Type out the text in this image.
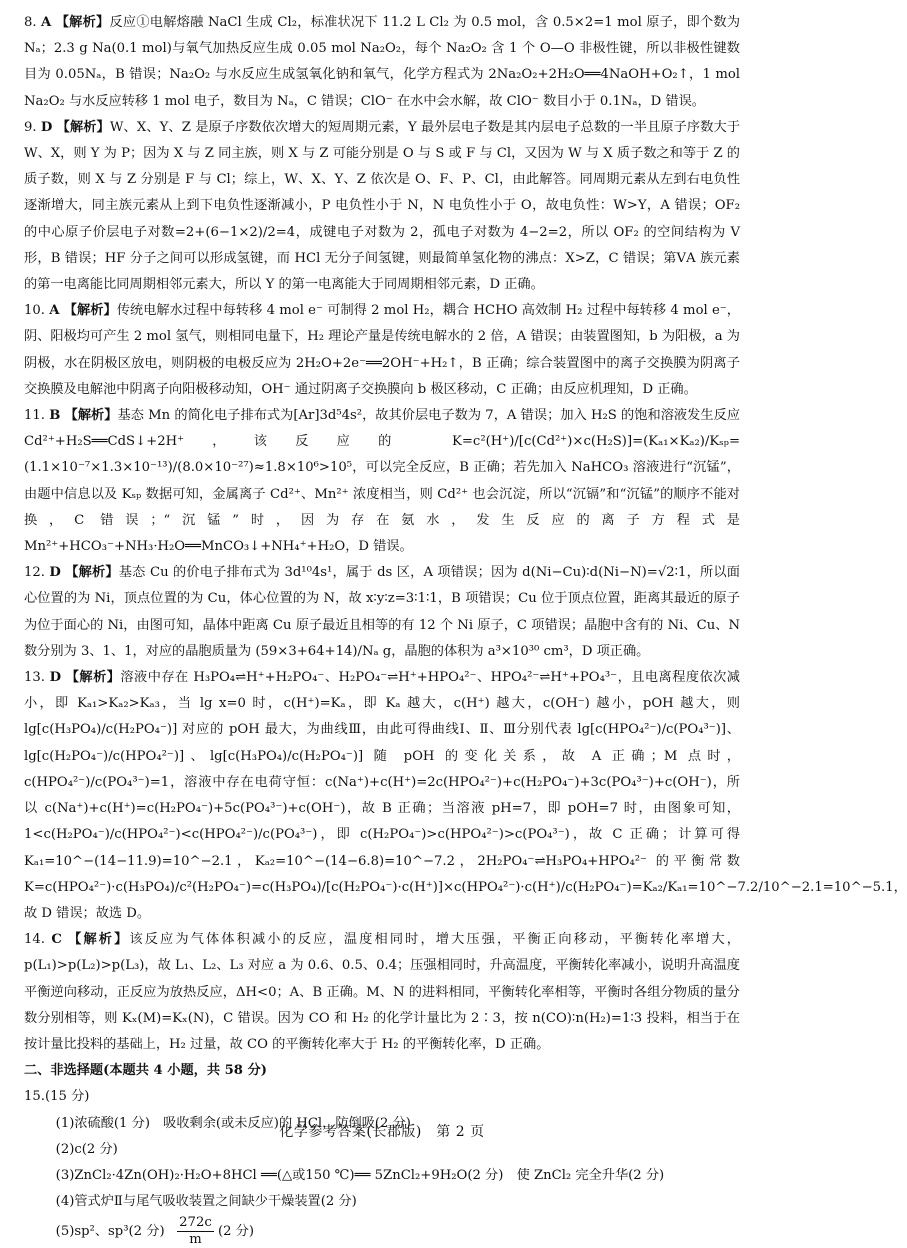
8. A 【解析】反应①电解熔融 NaCl 生成 Cl₂，标准状况下 11.2 L Cl₂ 为 0.5 mol，含 0.5×2=1 mol 原子，即个数为 Nₐ；2.3 g Na(0.1 mol)与氧气加热反应生成 0.05 mol Na₂O₂，每个 Na₂O₂ 含 1 个 O—O 非极性键，所以非极性键数目为 0.05Nₐ，B 错误；Na₂O₂ 与水反应生成氢氧化钠和氧气，化学方程式为 2Na₂O₂+2H₂O══4NaOH+O₂↑，1 mol Na₂O₂ 与水反应转移 1 mol 电子，数目为 Nₐ，C 错误；ClO⁻ 在水中会水解，故 ClO⁻ 数目小于 0.1Nₐ，D 错误。
9. D 【解析】W、X、Y、Z 是原子序数依次增大的短周期元素，Y 最外层电子数是其内层电子总数的一半且原子序数大于 W、X，则 Y 为 P；因为 X 与 Z 同主族，则 X 与 Z 可能分别是 O 与 S 或 F 与 Cl，又因为 W 与 X 质子数之和等于 Z 的质子数，则 X 与 Z 分别是 F 与 Cl；综上，W、X、Y、Z 依次是 O、F、P、Cl，由此解答。同周期元素从左到右电负性逐渐增大，同主族元素从上到下电负性逐渐减小，P 电负性小于 N，N 电负性小于 O，故电负性：W>Y，A 错误；OF₂ 的中心原子价层电子对数=2+(6−1×2)/2=4，成键电子对数为 2，孤电子对数为 4−2=2，所以 OF₂ 的空间结构为 V 形，B 错误；HF 分子之间可以形成氢键，而 HCl 无分子间氢键，则最简单氢化物的沸点：X>Z，C 错误；第ⅤA 族元素的第一电离能比同周期相邻元素大，所以 Y 的第一电离能大于同周期相邻元素，D 正确。
10. A 【解析】传统电解水过程中每转移 4 mol e⁻ 可制得 2 mol H₂，耦合 HCHO 高效制 H₂ 过程中每转移 4 mol e⁻，阴、阳极均可产生 2 mol 氢气，则相同电量下，H₂ 理论产量是传统电解水的 2 倍，A 错误；由装置图知，b 为阳极，a 为阴极，水在阴极区放电，则阴极的电极反应为 2H₂O+2e⁻══2OH⁻+H₂↑，B 正确；综合装置图中的离子交换膜为阴离子交换膜及电解池中阴离子向阳极移动知，OH⁻ 通过阴离子交换膜向 b 极区移动，C 正确；由反应机理知，D 正确。
11. B 【解析】基态 Mn 的简化电子排布式为[Ar]3d⁵4s²，故其价层电子数为 7，A 错误；加入 H₂S 的饱和溶液发生反应 Cd²⁺+H₂S══CdS↓+2H⁺，该反应的 K=c²(H⁺)/[c(Cd²⁺)×c(H₂S)]=(Kₐ₁×Kₐ₂)/Kₛₚ=(1.1×10⁻⁷×1.3×10⁻¹³)/(8.0×10⁻²⁷)≈1.8×10⁶>10⁵，可以完全反应，B 正确；若先加入 NaHCO₃ 溶液进行“沉锰”，由题中信息以及 Kₛₚ 数据可知，金属离子 Cd²⁺、Mn²⁺ 浓度相当，则 Cd²⁺ 也会沉淀，所以“沉镉”和“沉锰”的顺序不能对换，C 错误；“沉锰”时，因为存在氨水，发生反应的离子方程式是 Mn²⁺+HCO₃⁻+NH₃·H₂O══MnCO₃↓+NH₄⁺+H₂O，D 错误。
12. D 【解析】基态 Cu 的价电子排布式为 3d¹⁰4s¹，属于 ds 区，A 项错误；因为 d(Ni−Cu)∶d(Ni−N)=√2∶1，所以面心位置的为 Ni，顶点位置的为 Cu，体心位置的为 N，故 x∶y∶z=3∶1∶1，B 项错误；Cu 位于顶点位置，距离其最近的原子为位于面心的 Ni，由图可知，晶体中距离 Cu 原子最近且相等的有 12 个 Ni 原子，C 项错误；晶胞中含有的 Ni、Cu、N 数分别为 3、1、1，对应的晶胞质量为 (59×3+64+14)/Nₐ g，晶胞的体积为 a³×10³⁰ cm³，D 项正确。
13. D 【解析】溶液中存在 H₃PO₄⇌H⁺+H₂PO₄⁻、H₂PO₄⁻⇌H⁺+HPO₄²⁻、HPO₄²⁻⇌H⁺+PO₄³⁻，且电离程度依次减小，即 Kₐ₁>Kₐ₂>Kₐ₃，当 lg x=0 时，c(H⁺)=Kₐ，即 Kₐ 越大，c(H⁺) 越大，c(OH⁻) 越小，pOH 越大，则 lg[c(H₃PO₄)/c(H₂PO₄⁻)] 对应的 pOH 最大，为曲线Ⅲ，由此可得曲线Ⅰ、Ⅱ、Ⅲ分别代表 lg[c(HPO₄²⁻)/c(PO₄³⁻)]、lg[c(H₂PO₄⁻)/c(HPO₄²⁻)]、lg[c(H₃PO₄)/c(H₂PO₄⁻)] 随 pOH 的变化关系，故 A 正确；M 点时，c(HPO₄²⁻)/c(PO₄³⁻)=1，溶液中存在电荷守恒：c(Na⁺)+c(H⁺)=2c(HPO₄²⁻)+c(H₂PO₄⁻)+3c(PO₄³⁻)+c(OH⁻)，所以 c(Na⁺)+c(H⁺)=c(H₂PO₄⁻)+5c(PO₄³⁻)+c(OH⁻)，故 B 正确；当溶液 pH=7，即 pOH=7 时，由图象可知，1<c(H₂PO₄⁻)/c(HPO₄²⁻)<c(HPO₄²⁻)/c(PO₄³⁻)，即 c(H₂PO₄⁻)>c(HPO₄²⁻)>c(PO₄³⁻)，故 C 正确；计算可得 Kₐ₁=10^−(14−11.9)=10^−2.1，Kₐ₂=10^−(14−6.8)=10^−7.2，2H₂PO₄⁻⇌H₃PO₄+HPO₄²⁻ 的平衡常数 K=c(HPO₄²⁻)·c(H₃PO₄)/c²(H₂PO₄⁻)=c(H₃PO₄)/[c(H₂PO₄⁻)·c(H⁺)]×c(HPO₄²⁻)·c(H⁺)/c(H₂PO₄⁻)=Kₐ₂/Kₐ₁=10^−7.2/10^−2.1=10^−5.1，故 D 错误；故选 D。
14. C 【解析】该反应为气体体积减小的反应，温度相同时，增大压强，平衡正向移动，平衡转化率增大，p(L₁)>p(L₂)>p(L₃)，故 L₁、L₂、L₃ 对应 a 为 0.6、0.5、0.4；压强相同时，升高温度，平衡转化率减小，说明升高温度平衡逆向移动，正反应为放热反应，ΔH<0；A、B 正确。M、N 的进料相同，平衡转化率相等，平衡时各组分物质的量分数分别相等，则 Kₓ(M)=Kₓ(N)，C 错误。因为 CO 和 H₂ 的化学计量比为 2∶3，按 n(CO)∶n(H₂)=1∶3 投料，相当于在按计量比投料的基础上，H₂ 过量，故 CO 的平衡转化率大于 H₂ 的平衡转化率，D 正确。

二、非选择题(本题共 4 小题，共 58 分)

15.(15 分)

(1)浓硫酸(1 分)　吸收剩余(或未反应)的 HCl，防倒吸(2 分)

(2)c(2 分)

(3)ZnCl₂·4Zn(OH)₂·H₂O+8HCl ══(△或150 ℃)══ 5ZnCl₂+9H₂O(2 分)　使 ZnCl₂ 完全升华(2 分)

(4)管式炉Ⅱ与尾气吸收装置之间缺少干燥装置(2 分)

(5)sp²、sp³(2 分) $\frac{272c}{m} (2$ 分)

化学参考答案(长郡版)　第 2 页
